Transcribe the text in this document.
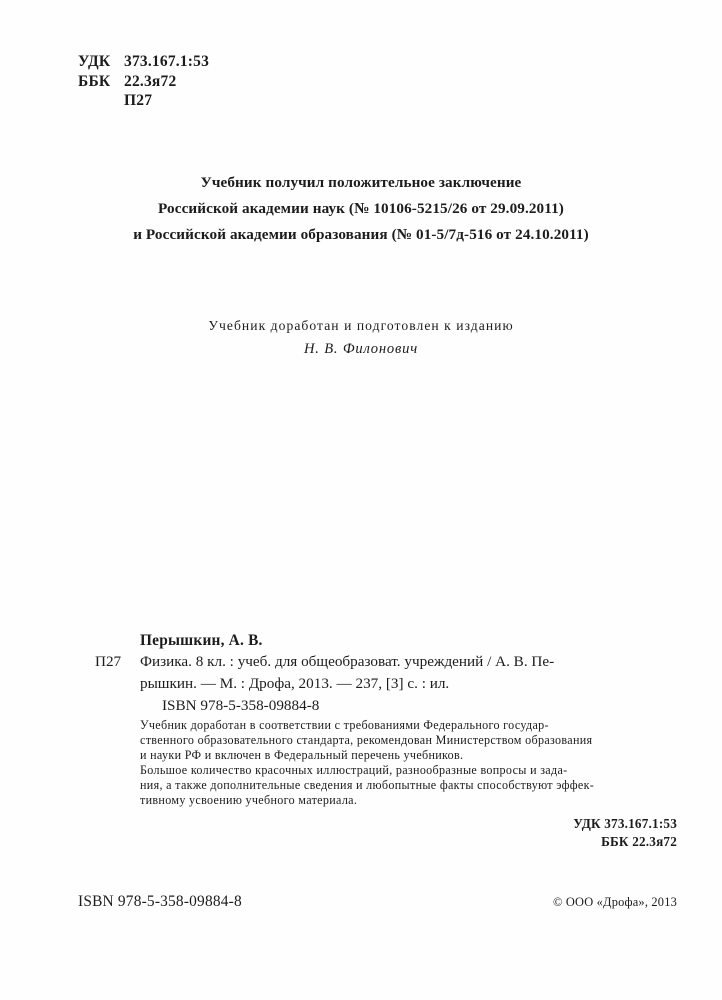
УДК 373.167.1:53
ББК 22.3я72
П27
Учебник получил положительное заключение
Российской академии наук (№ 10106-5215/26 от 29.09.2011)
и Российской академии образования (№ 01-5/7д-516 от 24.10.2011)
Учебник доработан и подготовлен к изданию
Н. В. Филонович
Перышкин, А. В.
П27 Физика. 8 кл. : учеб. для общеобразоват. учреждений / А. В. Пе- рышкин. — М. : Дрофа, 2013. — 237, [3] с. : ил.
ISBN 978-5-358-09884-8

Учебник доработан в соответствии с требованиями Федерального государ-
ственного образовательного стандарта, рекомендован Министерством образования
и науки РФ и включен в Федеральный перечень учебников.

Большое количество красочных иллюстраций, разнообразные вопросы и зада-
ния, а также дополнительные сведения и любопытные факты способствуют эффек-
тивному усвоению учебного материала.

УДК 373.167.1:53
ББК 22.3я72
ISBN 978-5-358-09884-8	© ООО «Дрофа», 2013
